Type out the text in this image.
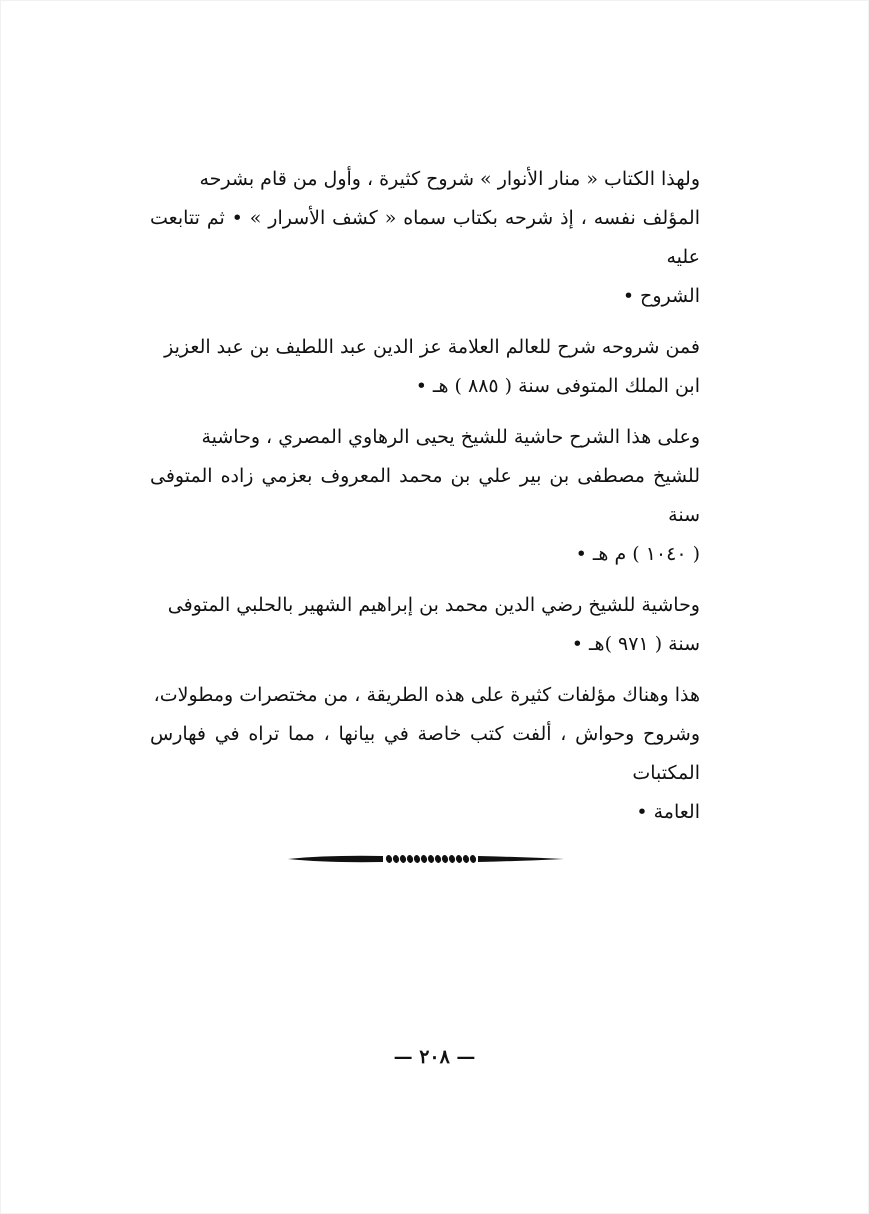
ولهذا الكتاب « منار الأنوار » شروح كثيرة ، وأول من قام بشرحه

المؤلف نفسه ، إذ شرحه بكتاب سماه « كشف الأسرار » • ثم تتابعت عليه

الشروح •

فمن شروحه شرح للعالم العلامة عز الدين عبد اللطيف بن عبد العزيز

ابن الملك المتوفى سنة ( ٨٨٥ ) هـ •

وعلى هذا الشرح حاشية للشيخ يحيى الرهاوي المصري ، وحاشية

للشيخ مصطفى بن بير علي بن محمد المعروف بعزمي زاده المتوفى سنة

( ١٠٤٠ ) م هـ •

وحاشية للشيخ رضي الدين محمد بن إبراهيم الشهير بالحلبي المتوفى

سنة ( ٩٧١ )هـ •

هذا وهناك مؤلفات كثيرة على هذه الطريقة ، من مختصرات ومطولات،

وشروح وحواش ، ألفت كتب خاصة في بيانها ، مما تراه في فهارس المكتبات

العامة •

— ٢٠٨ —
